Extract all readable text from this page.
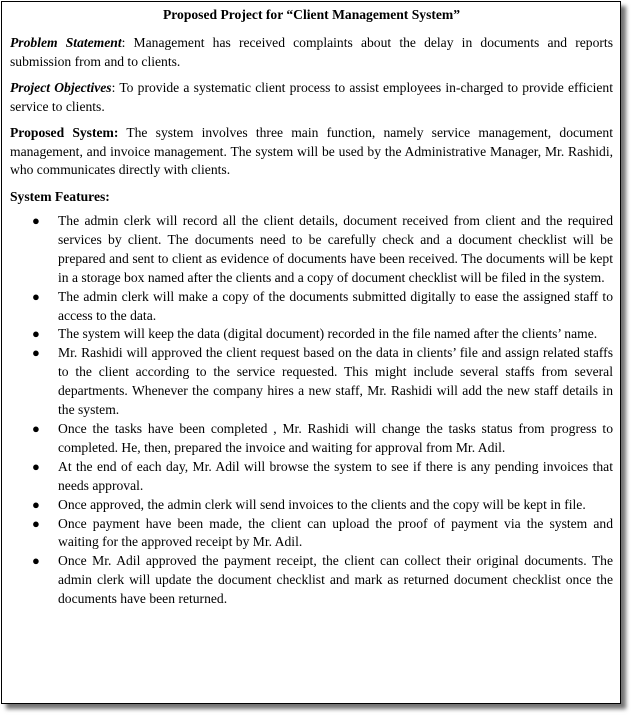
Proposed Project for “Client Management System”

Problem Statement: Management has received complaints about the delay in documents and reports submission from and to clients.

Project Objectives: To provide a systematic client process to assist employees in-charged to provide efficient service to clients.

Proposed System: The system involves three main function, namely service management, document management, and invoice management. The system will be used by the Administrative Manager, Mr. Rashidi, who communicates directly with clients.

System Features:
● The admin clerk will record all the client details, document received from client and the required services by client. The documents need to be carefully check and a document checklist will be prepared and sent to client as evidence of documents have been received. The documents will be kept in a storage box named after the clients and a copy of document checklist will be filed in the system.
● The admin clerk will make a copy of the documents submitted digitally to ease the assigned staff to access to the data.
● The system will keep the data (digital document) recorded in the file named after the clients’ name.
● Mr. Rashidi will approved the client request based on the data in clients’ file and assign related staffs to the client according to the service requested. This might include several staffs from several departments. Whenever the company hires a new staff, Mr. Rashidi will add the new staff details in the system.
● Once the tasks have been completed , Mr. Rashidi will change the tasks status from progress to completed. He, then, prepared the invoice and waiting for approval from Mr. Adil.
● At the end of each day, Mr. Adil will browse the system to see if there is any pending invoices that needs approval.
● Once approved, the admin clerk will send invoices to the clients and the copy will be kept in file.
● Once payment have been made, the client can upload the proof of payment via the system and waiting for the approved receipt by Mr. Adil.
● Once Mr. Adil approved the payment receipt, the client can collect their original documents. The admin clerk will update the document checklist and mark as returned document checklist once the documents have been returned.
